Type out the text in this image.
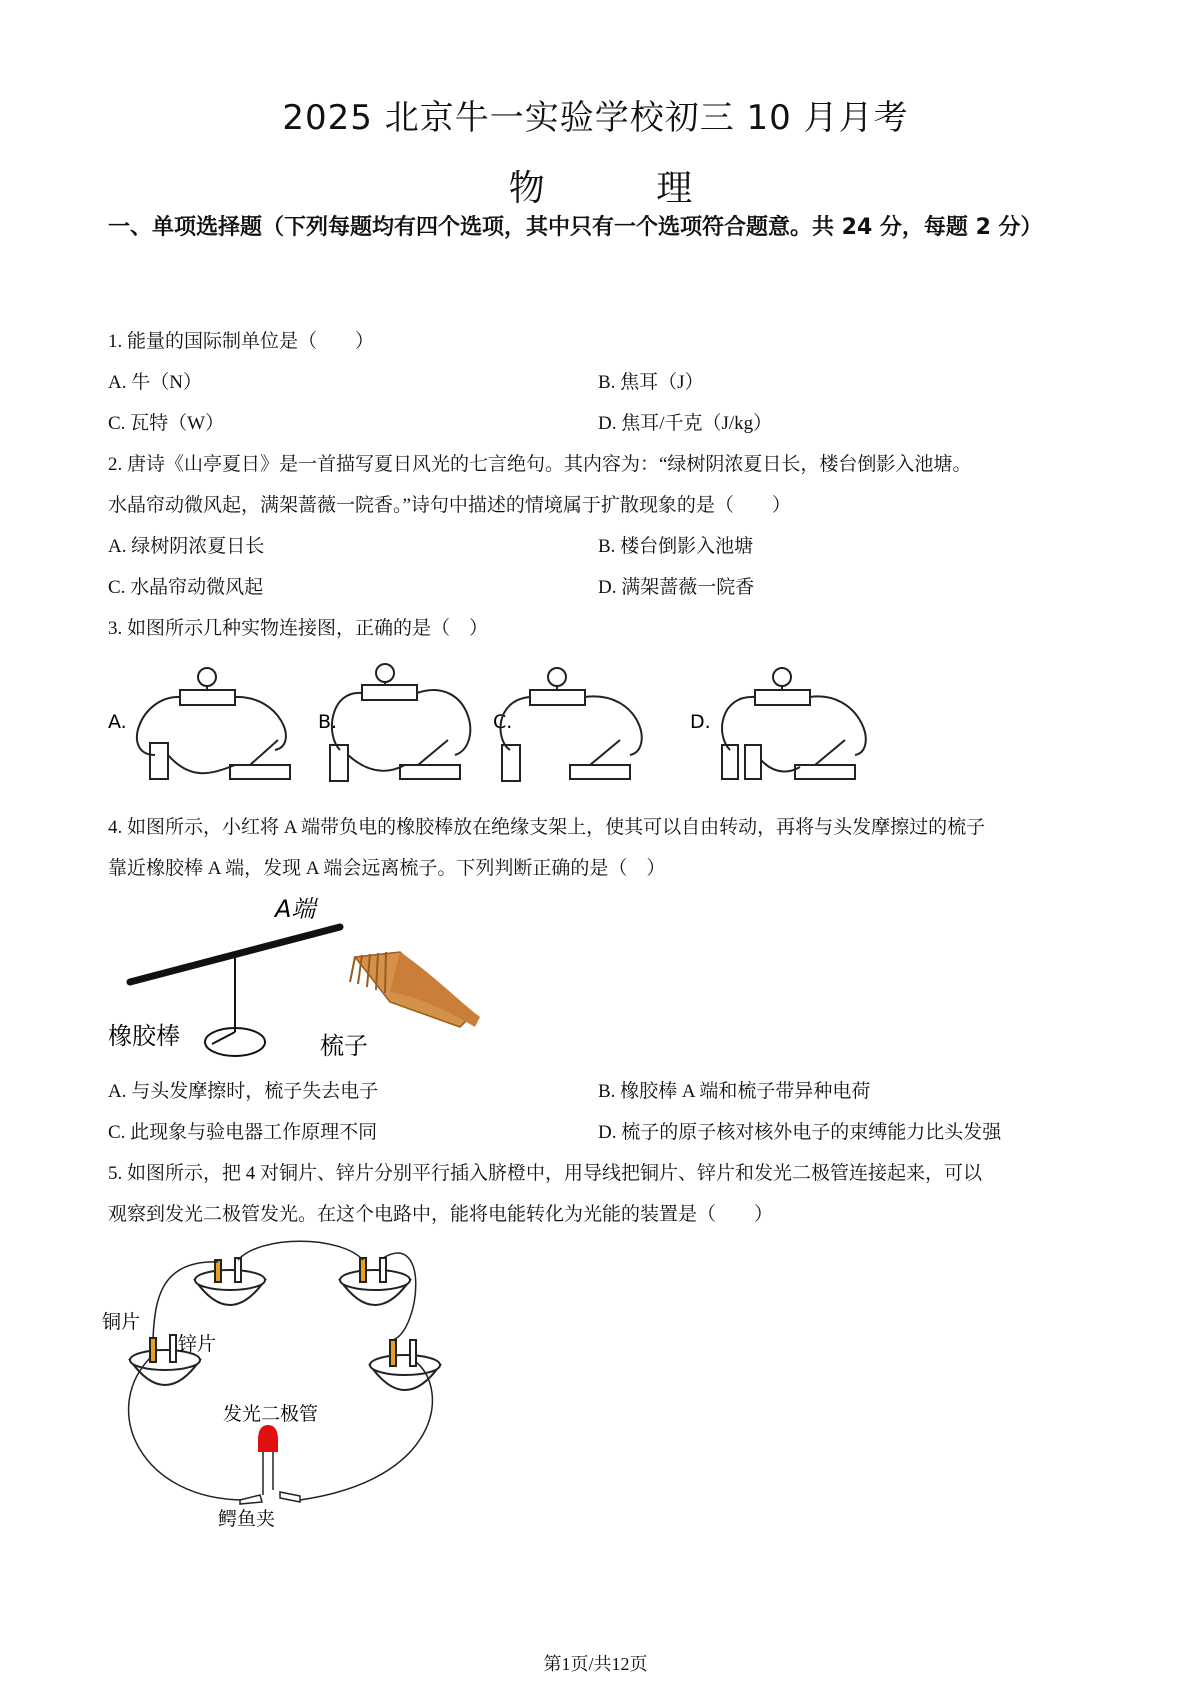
2025 北京牛一实验学校初三 10 月月考
物 理
一、单项选择题（下列每题均有四个选项，其中只有一个选项符合题意。共 24 分，每题 2 分）
1. 能量的国际制单位是（　　）
A. 牛（N）	B. 焦耳（J）
C. 瓦特（W）	D. 焦耳/千克（J/kg）
2. 唐诗《山亭夏日》是一首描写夏日风光的七言绝句。其内容为：“绿树阴浓夏日长，楼台倒影入池塘。
水晶帘动微风起，满架蔷薇一院香。”诗句中描述的情境属于扩散现象的是（　　）
A. 绿树阴浓夏日长	B. 楼台倒影入池塘
C. 水晶帘动微风起	D. 满架蔷薇一院香
3. 如图所示几种实物连接图，正确的是（　）
A.	B.	C.	D.
4. 如图所示，小红将 A 端带负电的橡胶棒放在绝缘支架上，使其可以自由转动，再将与头发摩擦过的梳子
靠近橡胶棒 A 端，发现 A 端会远离梳子。下列判断正确的是（　）
A端
橡胶棒	梳子
A. 与头发摩擦时，梳子失去电子	B. 橡胶棒 A 端和梳子带异种电荷
C. 此现象与验电器工作原理不同	D. 梳子的原子核对核外电子的束缚能力比头发强
5. 如图所示，把 4 对铜片、锌片分别平行插入脐橙中，用导线把铜片、锌片和发光二极管连接起来，可以
观察到发光二极管发光。在这个电路中，能将电能转化为光能的装置是（　　）
铜片
锌片
发光二极管
鳄鱼夹
第1页/共12页
